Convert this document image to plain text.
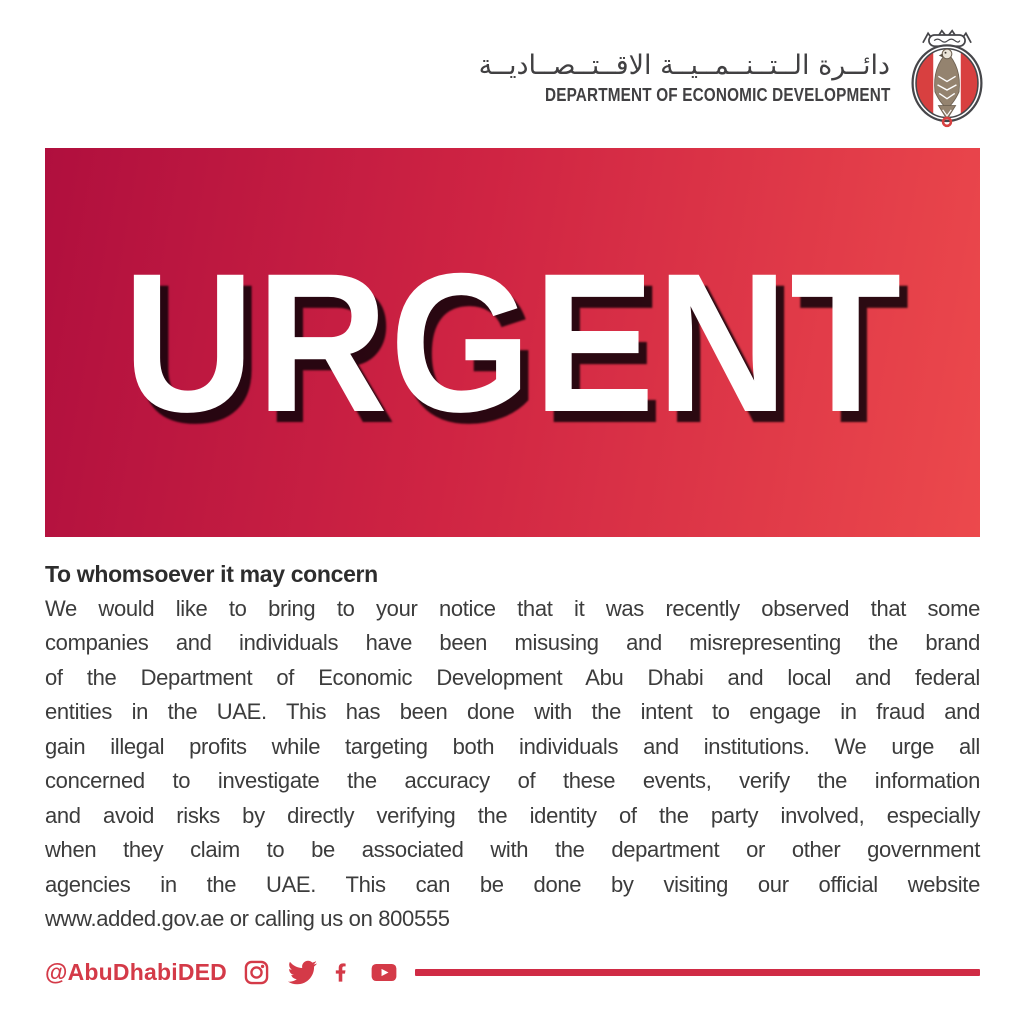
دائــرة الــتــنــمــيــة الاقــتــصــاديــة
DEPARTMENT OF ECONOMIC DEVELOPMENT
URGENT
To whomsoever it may concern
We would like to bring to your notice that it was recently observed that some
companies and individuals have been misusing and misrepresenting the brand
of the Department of Economic Development Abu Dhabi and local and federal
entities in the UAE. This has been done with the intent to engage in fraud and
gain illegal profits while targeting both individuals and institutions. We urge all
concerned to investigate the accuracy of these events, verify the information
and avoid risks by directly verifying the identity of the party involved, especially
when they claim to be associated with the department or other government
agencies in the UAE. This can be done by visiting our official website
www.added.gov.ae or calling us on 800555
@AbuDhabiDED
